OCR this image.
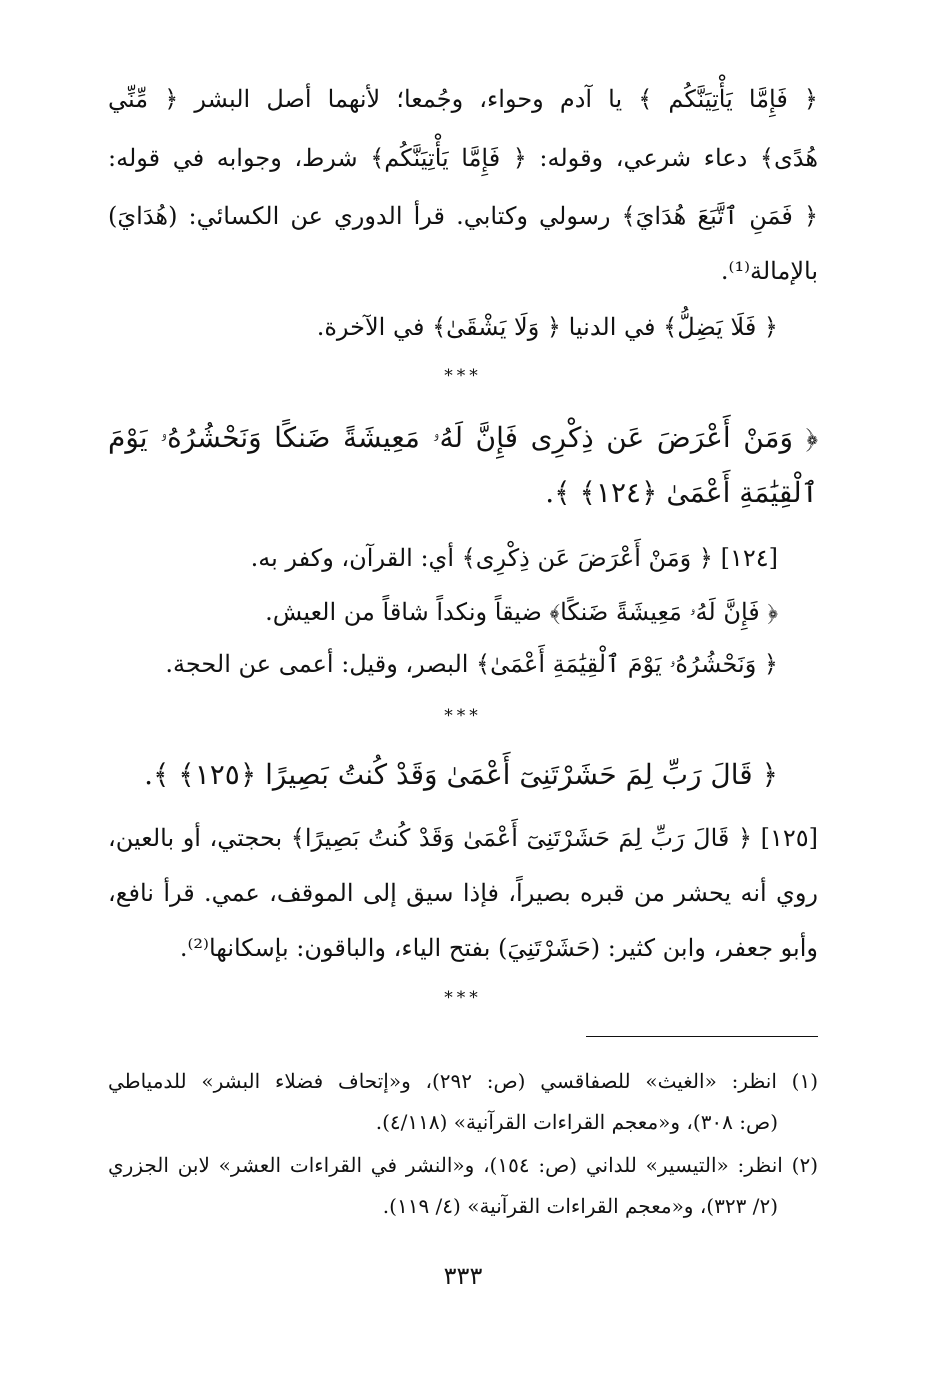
﴿ فَإِمَّا يَأْتِيَنَّكُم ﴾ يا آدم وحواء، وجُمعا؛ لأنهما أصل البشر ﴿ مِّنِّي
هُدًى﴾ دعاء شرعي، وقوله: ﴿ فَإِمَّا يَأْتِيَنَّكُم﴾ شرط، وجوابه في قوله:
﴿ فَمَنِ ٱتَّبَعَ هُدَايَ﴾ رسولي وكتابي. قرأ الدوري عن الكسائي: (هُدَايَ)
بالإمالة⁽¹⁾.
﴿ فَلَا يَضِلُّ﴾ في الدنيا ﴿ وَلَا يَشْقَىٰ﴾ في الآخرة.
***
﴿ وَمَنْ أَعْرَضَ عَن ذِكْرِى فَإِنَّ لَهُۥ مَعِيشَةً ضَنكًا وَنَحْشُرُهُۥ يَوْمَ
ٱلْقِيَٰمَةِ أَعْمَىٰ ﴿١٢٤﴾ ﴾.
[١٢٤] ﴿ وَمَنْ أَعْرَضَ عَن ذِكْرِى﴾ أي: القرآن، وكفر به.
﴿ فَإِنَّ لَهُۥ مَعِيشَةً ضَنكًا﴾ ضيقاً ونكداً شاقاً من العيش.
﴿ وَنَحْشُرُهُۥ يَوْمَ ٱلْقِيَٰمَةِ أَعْمَىٰ﴾ البصر، وقيل: أعمى عن الحجة.
***
﴿ قَالَ رَبِّ لِمَ حَشَرْتَنِىٓ أَعْمَىٰ وَقَدْ كُنتُ بَصِيرًا ﴿١٢٥﴾ ﴾.
[١٢٥] ﴿ قَالَ رَبِّ لِمَ حَشَرْتَنِىٓ أَعْمَىٰ وَقَدْ كُنتُ بَصِيرًا﴾ بحجتي، أو بالعين،
روي أنه يحشر من قبره بصيراً، فإذا سيق إلى الموقف، عمي. قرأ نافع،
وأبو جعفر، وابن كثير: (حَشَرْتَنِيَ) بفتح الياء، والباقون: بإسكانها⁽²⁾.
***
(١) انظر: «الغيث» للصفاقسي (ص: ٢٩٢)، و«إتحاف فضلاء البشر» للدمياطي
(ص: ٣٠٨)، و«معجم القراءات القرآنية» (٤/١١٨).
(٢) انظر: «التيسير» للداني (ص: ١٥٤)، و«النشر في القراءات العشر» لابن الجزري
(٢/ ٣٢٣)، و«معجم القراءات القرآنية» (٤/ ١١٩).
٣٣٣
